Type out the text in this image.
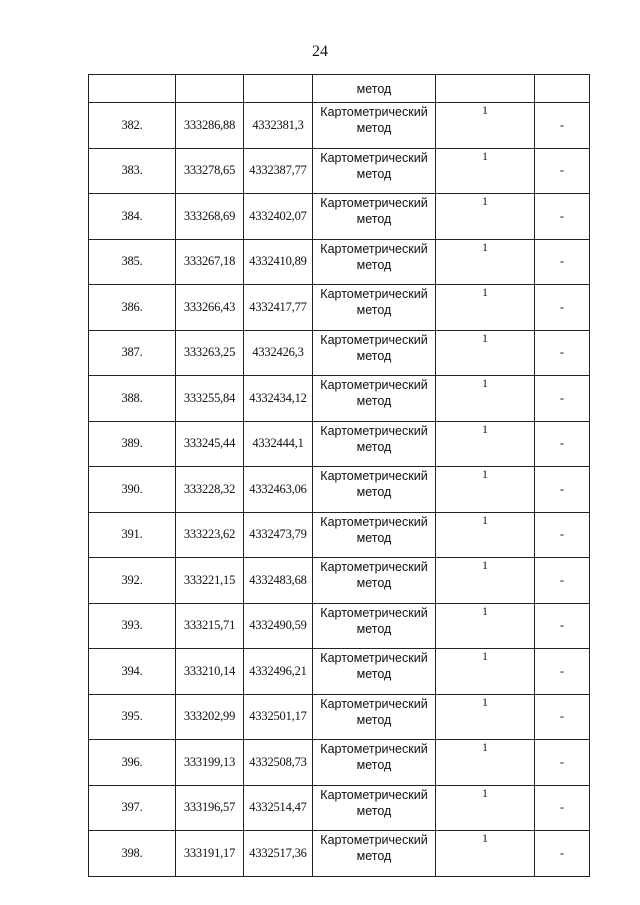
24
			метод		
382.	333286,88	4332381,3	Картометрический метод	1	-
383.	333278,65	4332387,77	Картометрический метод	1	-
384.	333268,69	4332402,07	Картометрический метод	1	-
385.	333267,18	4332410,89	Картометрический метод	1	-
386.	333266,43	4332417,77	Картометрический метод	1	-
387.	333263,25	4332426,3	Картометрический метод	1	-
388.	333255,84	4332434,12	Картометрический метод	1	-
389.	333245,44	4332444,1	Картометрический метод	1	-
390.	333228,32	4332463,06	Картометрический метод	1	-
391.	333223,62	4332473,79	Картометрический метод	1	-
392.	333221,15	4332483,68	Картометрический метод	1	-
393.	333215,71	4332490,59	Картометрический метод	1	-
394.	333210,14	4332496,21	Картометрический метод	1	-
395.	333202,99	4332501,17	Картометрический метод	1	-
396.	333199,13	4332508,73	Картометрический метод	1	-
397.	333196,57	4332514,47	Картометрический метод	1	-
398.	333191,17	4332517,36	Картометрический метод	1	-
